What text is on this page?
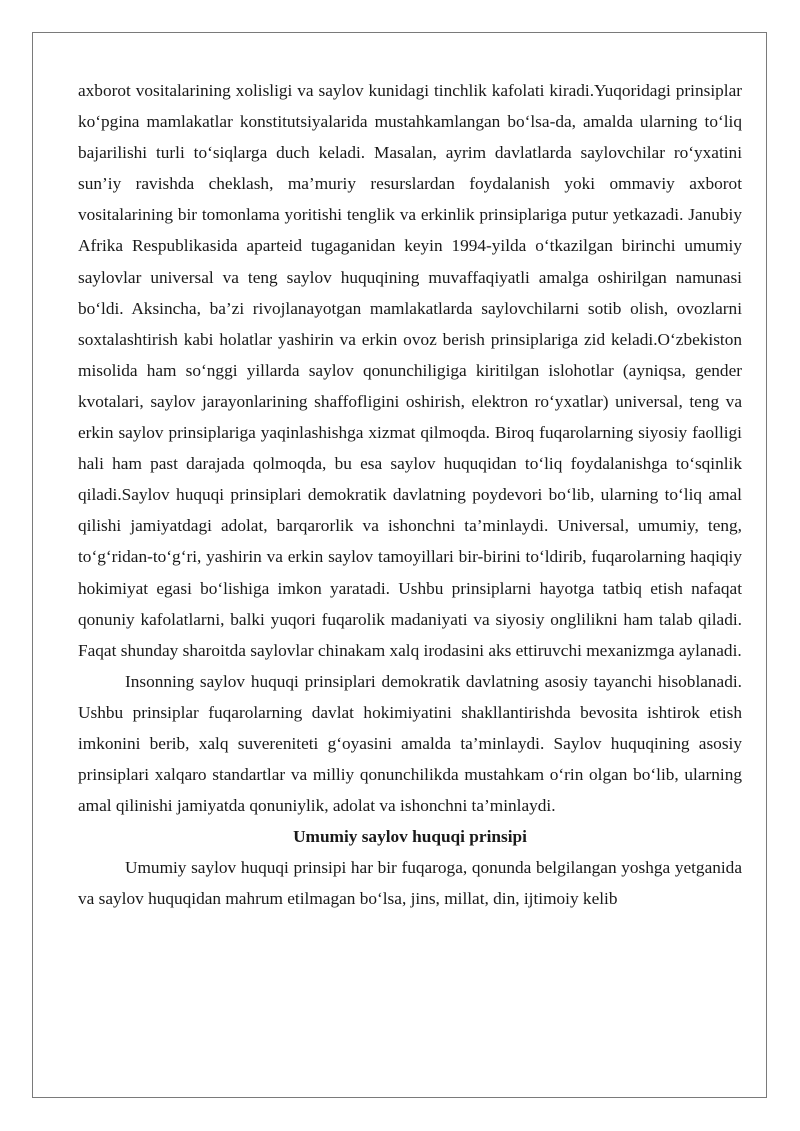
axborot vositalarining xolisligi va saylov kunidagi tinchlik kafolati kiradi.Yuqoridagi prinsiplar ko‘pgina mamlakatlar konstitutsiyalarida mustahkamlangan bo‘lsa-da, amalda ularning to‘liq bajarilishi turli to‘siqlarga duch keladi. Masalan, ayrim davlatlarda saylovchilar ro‘yxatini sun’iy ravishda cheklash, ma’muriy resurslardan foydalanish yoki ommaviy axborot vositalarining bir tomonlama yoritishi tenglik va erkinlik prinsiplariga putur yetkazadi. Janubiy Afrika Respublikasida aparteid tugaganidan keyin 1994-yilda o‘tkazilgan birinchi umumiy saylovlar universal va teng saylov huquqining muvaffaqiyatli amalga oshirilgan namunasi bo‘ldi. Aksincha, ba’zi rivojlanayotgan mamlakatlarda saylovchilarni sotib olish, ovozlarni soxtalashtirish kabi holatlar yashirin va erkin ovoz berish prinsiplariga zid keladi.O‘zbekiston misolida ham so‘nggi yillarda saylov qonunchiligiga kiritilgan islohotlar (ayniqsa, gender kvotalari, saylov jarayonlarining shaffofligini oshirish, elektron ro‘yxatlar) universal, teng va erkin saylov prinsiplariga yaqinlashishga xizmat qilmoqda. Biroq fuqarolarning siyosiy faolligi hali ham past darajada qolmoqda, bu esa saylov huquqidan to‘liq foydalanishga to‘sqinlik qiladi.Saylov huquqi prinsiplari demokratik davlatning poydevori bo‘lib, ularning to‘liq amal qilishi jamiyatdagi adolat, barqarorlik va ishonchni ta’minlaydi. Universal, umumiy, teng, to‘g‘ridan-to‘g‘ri, yashirin va erkin saylov tamoyillari bir-birini to‘ldirib, fuqarolarning haqiqiy hokimiyat egasi bo‘lishiga imkon yaratadi. Ushbu prinsiplarni hayotga tatbiq etish nafaqat qonuniy kafolatlarni, balki yuqori fuqarolik madaniyati va siyosiy onglilikni ham talab qiladi. Faqat shunday sharoitda saylovlar chinakam xalq irodasini aks ettiruvchi mexanizmga aylanadi.

Insonning saylov huquqi prinsiplari demokratik davlatning asosiy tayanchi hisoblanadi. Ushbu prinsiplar fuqarolarning davlat hokimiyatini shakllantirishda bevosita ishtirok etish imkonini berib, xalq suvereniteti g‘oyasini amalda ta’minlaydi. Saylov huquqining asosiy prinsiplari xalqaro standartlar va milliy qonunchilikda mustahkam o‘rin olgan bo‘lib, ularning amal qilinishi jamiyatda qonuniylik, adolat va ishonchni ta’minlaydi.

Umumiy saylov huquqi prinsipi

Umumiy saylov huquqi prinsipi har bir fuqaroga, qonunda belgilangan yoshga yetganida va saylov huquqidan mahrum etilmagan bo‘lsa, jins, millat, din, ijtimoiy kelib
